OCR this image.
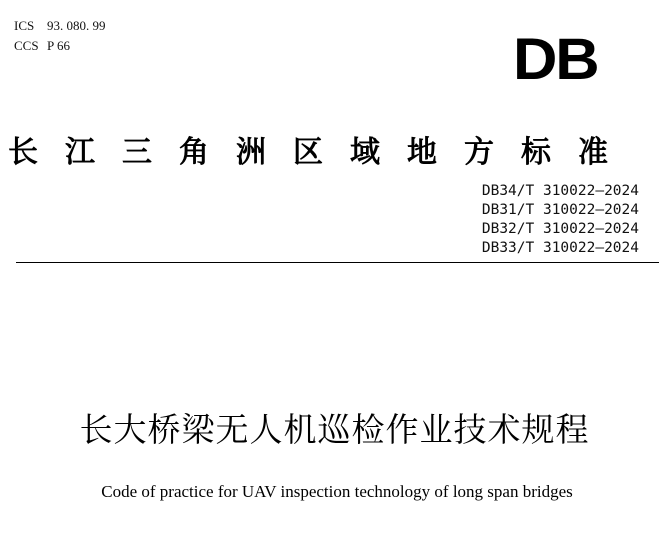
ICS 93. 080. 99
CCS P 66	DB
长江三角洲区域地方标准
DB34/T 310022—2024
DB31/T 310022—2024
DB32/T 310022—2024
DB33/T 310022—2024
长大桥梁无人机巡检作业技术规程
Code of practice for UAV inspection technology of long span bridges
